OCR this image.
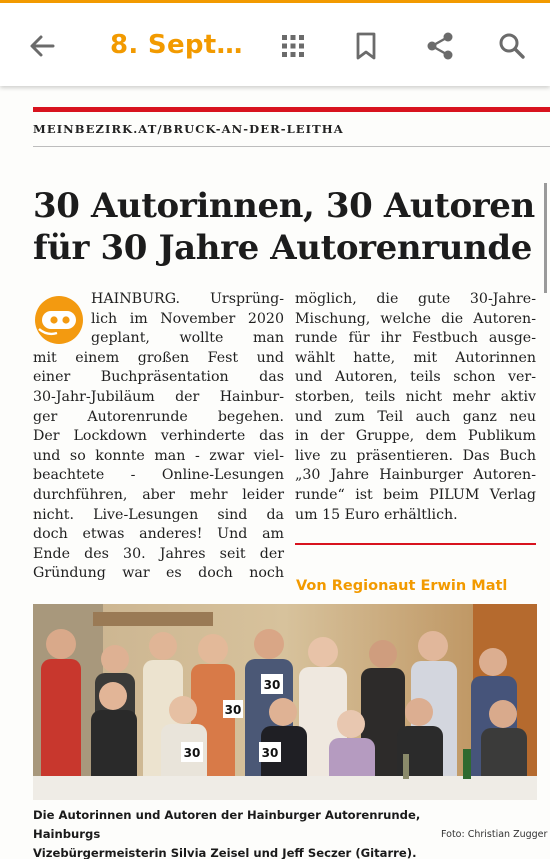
8. Sept…
MEINBEZIRK.AT/BRUCK-AN-DER-LEITHA
30 Autorinnen, 30 Autoren
für 30 Jahre Autorenrunde
HAINBURG. Ursprüng-
lich im November 2020
geplant, wollte man
mit einem großen Fest und
einer Buchpräsentation das
30-Jahr-Jubiläum der Hainbur-
ger Autorenrunde begehen.
Der Lockdown verhinderte das
und so konnte man - zwar viel-
beachtete - Online-Lesungen
durchführen, aber mehr leider
nicht. Live-Lesungen sind da
doch etwas anderes! Und am
Ende des 30. Jahres seit der
Gründung war es doch noch
möglich, die gute 30-Jahre-
Mischung, welche die Autoren-
runde für ihr Festbuch ausge-
wählt hatte, mit Autorinnen
und Autoren, teils schon ver-
storben, teils nicht mehr aktiv
und zum Teil auch ganz neu
in der Gruppe, dem Publikum
live zu präsentieren. Das Buch
„30 Jahre Hainburger Autoren-
runde“ ist beim PILUM Verlag
um 15 Euro erhältlich.
Von Regionaut Erwin Matl
30
30
30	30
Die Autorinnen und Autoren der Hainburger Autorenrunde, Hainburgs
Vizebürgermeisterin Silvia Zeisel und Jeff Seczer (Gitarre).
Foto: Christian Zugger
